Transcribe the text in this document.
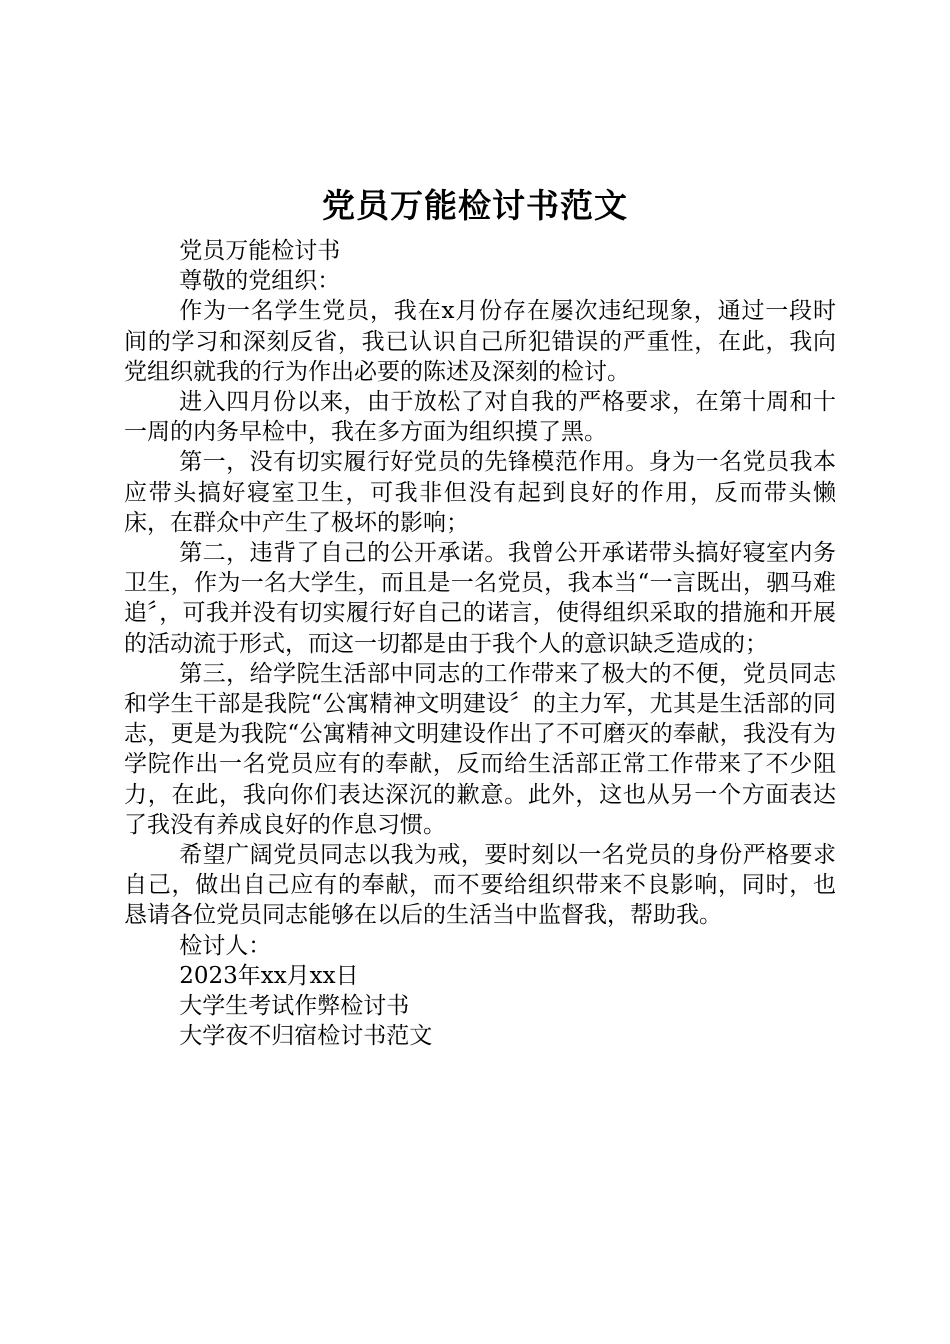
党员万能检讨书范文

党员万能检讨书

尊敬的党组织：

作为一名学生党员，我在x月份存在屡次违纪现象，通过一段时间的学习和深刻反省，我已认识自己所犯错误的严重性，在此，我向党组织就我的行为作出必要的陈述及深刻的检讨。

进入四月份以来，由于放松了对自我的严格要求，在第十周和十一周的内务早检中，我在多方面为组织摸了黑。

第一，没有切实履行好党员的先锋模范作用。身为一名党员我本应带头搞好寝室卫生，可我非但没有起到良好的作用，反而带头懒床，在群众中产生了极坏的影响；

第二，违背了自己的公开承诺。我曾公开承诺带头搞好寝室内务卫生，作为一名大学生，而且是一名党员，我本当“一言既出，驷马难追〞，可我并没有切实履行好自己的诺言，使得组织采取的措施和开展的活动流于形式，而这一切都是由于我个人的意识缺乏造成的；

第三，给学院生活部中同志的工作带来了极大的不便，党员同志和学生干部是我院“公寓精神文明建设〞的主力军，尤其是生活部的同志，更是为我院“公寓精神文明建设作出了不可磨灭的奉献，我没有为学院作出一名党员应有的奉献，反而给生活部正常工作带来了不少阻力，在此，我向你们表达深沉的歉意。此外，这也从另一个方面表达了我没有养成良好的作息习惯。

希望广阔党员同志以我为戒，要时刻以一名党员的身份严格要求自己，做出自己应有的奉献，而不要给组织带来不良影响，同时，也恳请各位党员同志能够在以后的生活当中监督我，帮助我。

检讨人：

2023年xx月xx日

大学生考试作弊检讨书

大学夜不归宿检讨书范文
